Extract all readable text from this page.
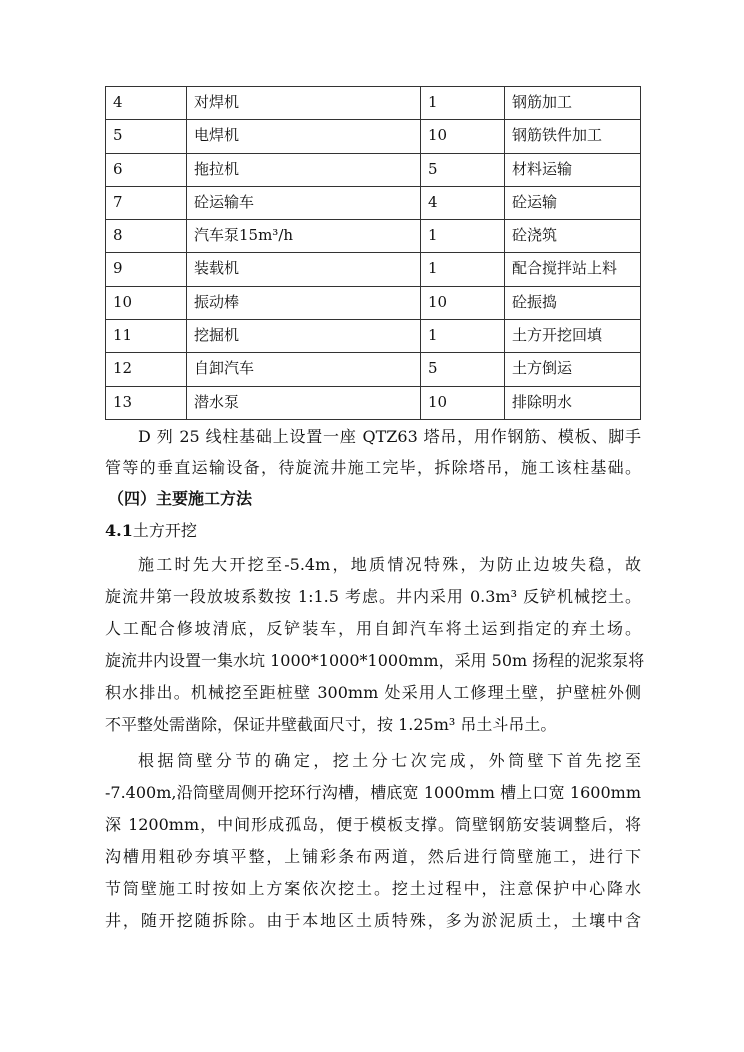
4	对焊机	1	钢筋加工
5	电焊机	10	钢筋铁件加工
6	拖拉机	5	材料运输
7	砼运输车	4	砼运输
8	汽车泵15m³/h	1	砼浇筑
9	装载机	1	配合搅拌站上料
10	振动棒	10	砼振捣
11	挖掘机	1	土方开挖回填
12	自卸汽车	5	土方倒运
13	潜水泵	10	排除明水
D 列 25 线柱基础上设置一座 QTZ63 塔吊，用作钢筋、模板、脚手
管等的垂直运输设备，待旋流井施工完毕，拆除塔吊，施工该柱基础。
（四）主要施工方法
4.1土方开挖
施工时先大开挖至-5.4m，地质情况特殊，为防止边坡失稳，故
旋流井第一段放坡系数按 1:1.5 考虑。井内采用 0.3m³ 反铲机械挖土。
人工配合修坡清底，反铲装车，用自卸汽车将土运到指定的弃土场。
旋流井内设置一集水坑 1000*1000*1000mm，采用 50m 扬程的泥浆泵将
积水排出。机械挖至距桩壁 300mm 处采用人工修理土壁，护壁桩外侧
不平整处需凿除，保证井壁截面尺寸，按 1.25m³ 吊土斗吊土。
根据筒壁分节的确定，挖土分七次完成，外筒壁下首先挖至
-7.400m,沿筒壁周侧开挖环行沟槽，槽底宽 1000mm 槽上口宽 1600mm
深 1200mm，中间形成孤岛，便于模板支撑。筒壁钢筋安装调整后，将
沟槽用粗砂夯填平整，上铺彩条布两道，然后进行筒壁施工，进行下
节筒壁施工时按如上方案依次挖土。挖土过程中，注意保护中心降水
井，随开挖随拆除。由于本地区土质特殊，多为淤泥质土，土壤中含
